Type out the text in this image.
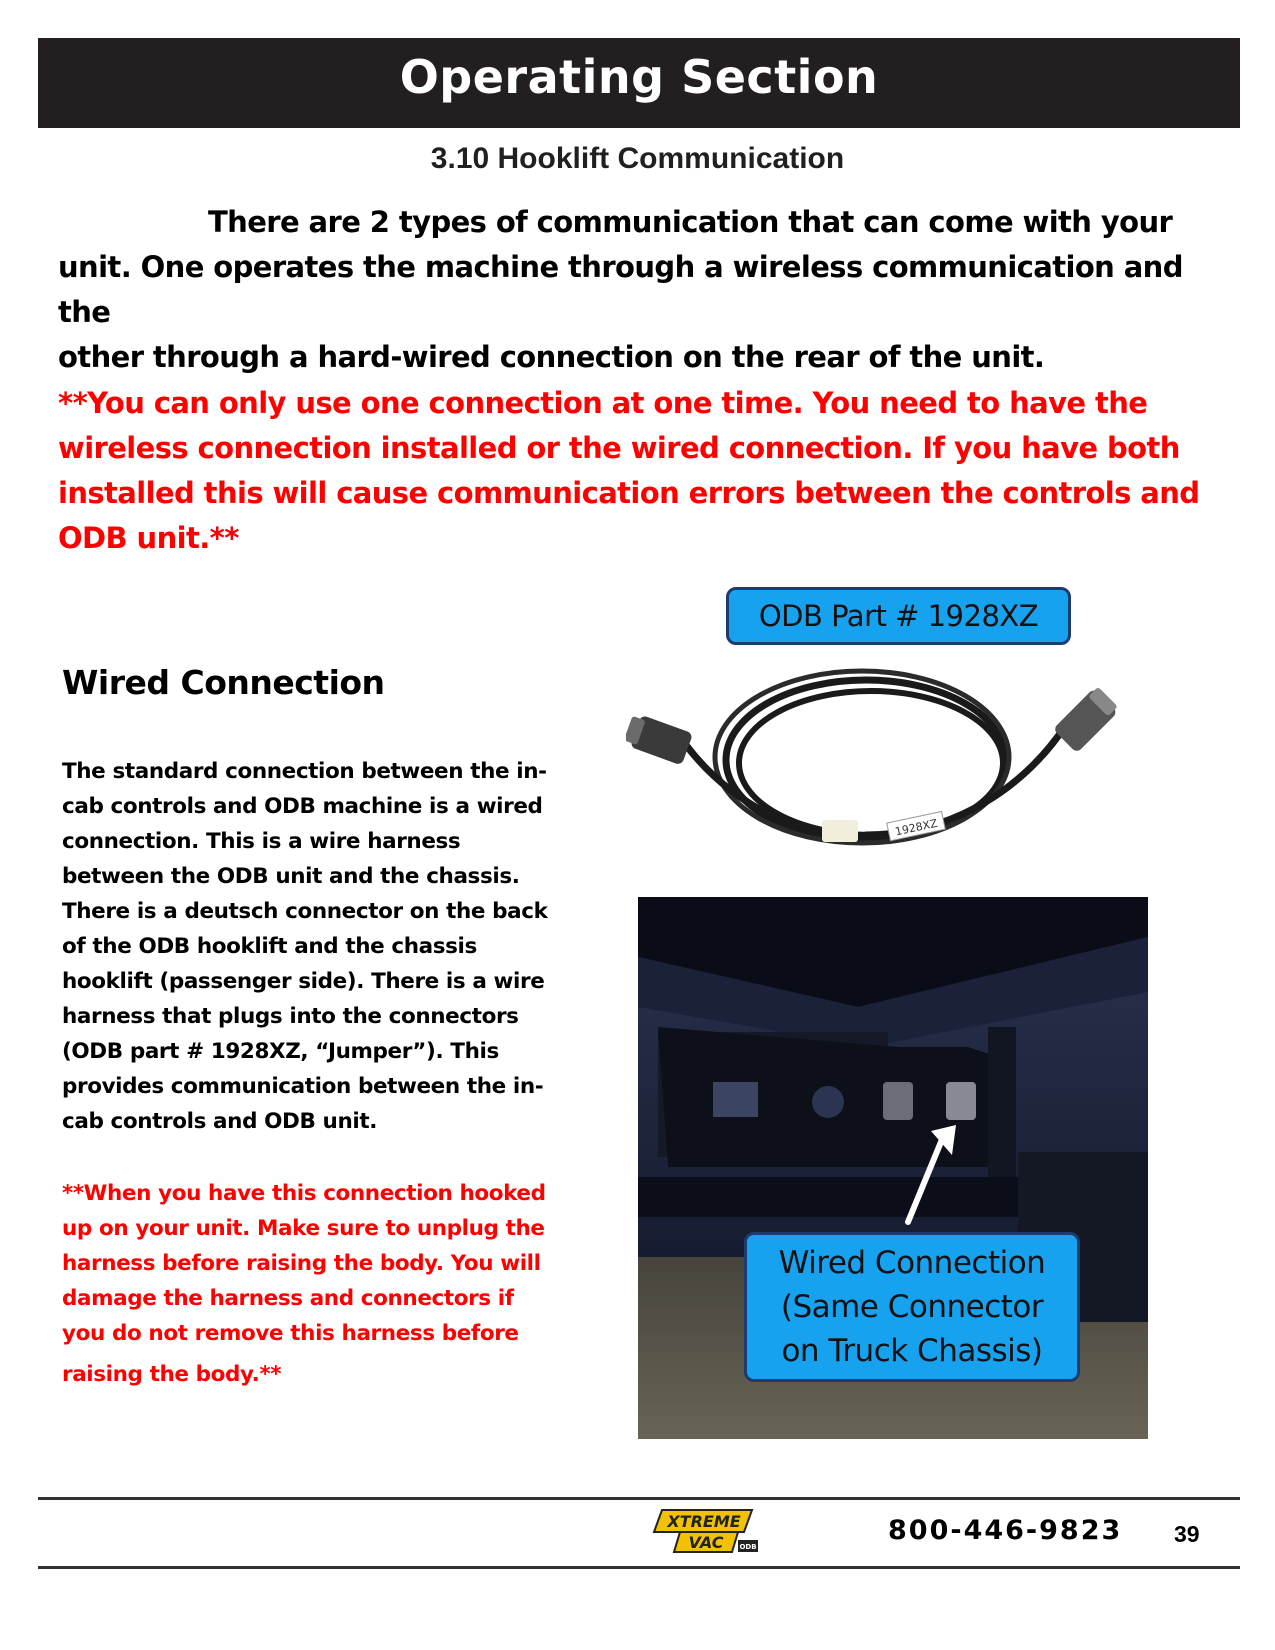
Operating Section
3.10 Hooklift Communication
There are 2 types of communication that can come with your
unit. One operates the machine through a wireless communication and the
other through a hard-wired connection on the rear of the unit.
**You can only use one connection at one time. You need to have the
wireless connection installed or the wired connection. If you have both
installed this will cause communication errors between the controls and
ODB unit.**
Wired Connection
The standard connection between the in-
cab controls and ODB machine is a wired
connection. This is a wire harness
between the ODB unit and the chassis.
There is a deutsch connector on the back
of the ODB hooklift and the chassis
hooklift (passenger side). There is a wire
harness that plugs into the connectors
(ODB part # 1928XZ, “Jumper”). This
provides communication between the in-
cab controls and ODB unit.
**When you have this connection hooked
up on your unit. Make sure to unplug the
harness before raising the body. You will
damage the harness and connectors if
you do not remove this harness before
raising the body.**
ODB Part # 1928XZ
1928XZ
Wired Connection
(Same Connector
on Truck Chassis)
XTREME
VAC ODB
800-446-9823 39
